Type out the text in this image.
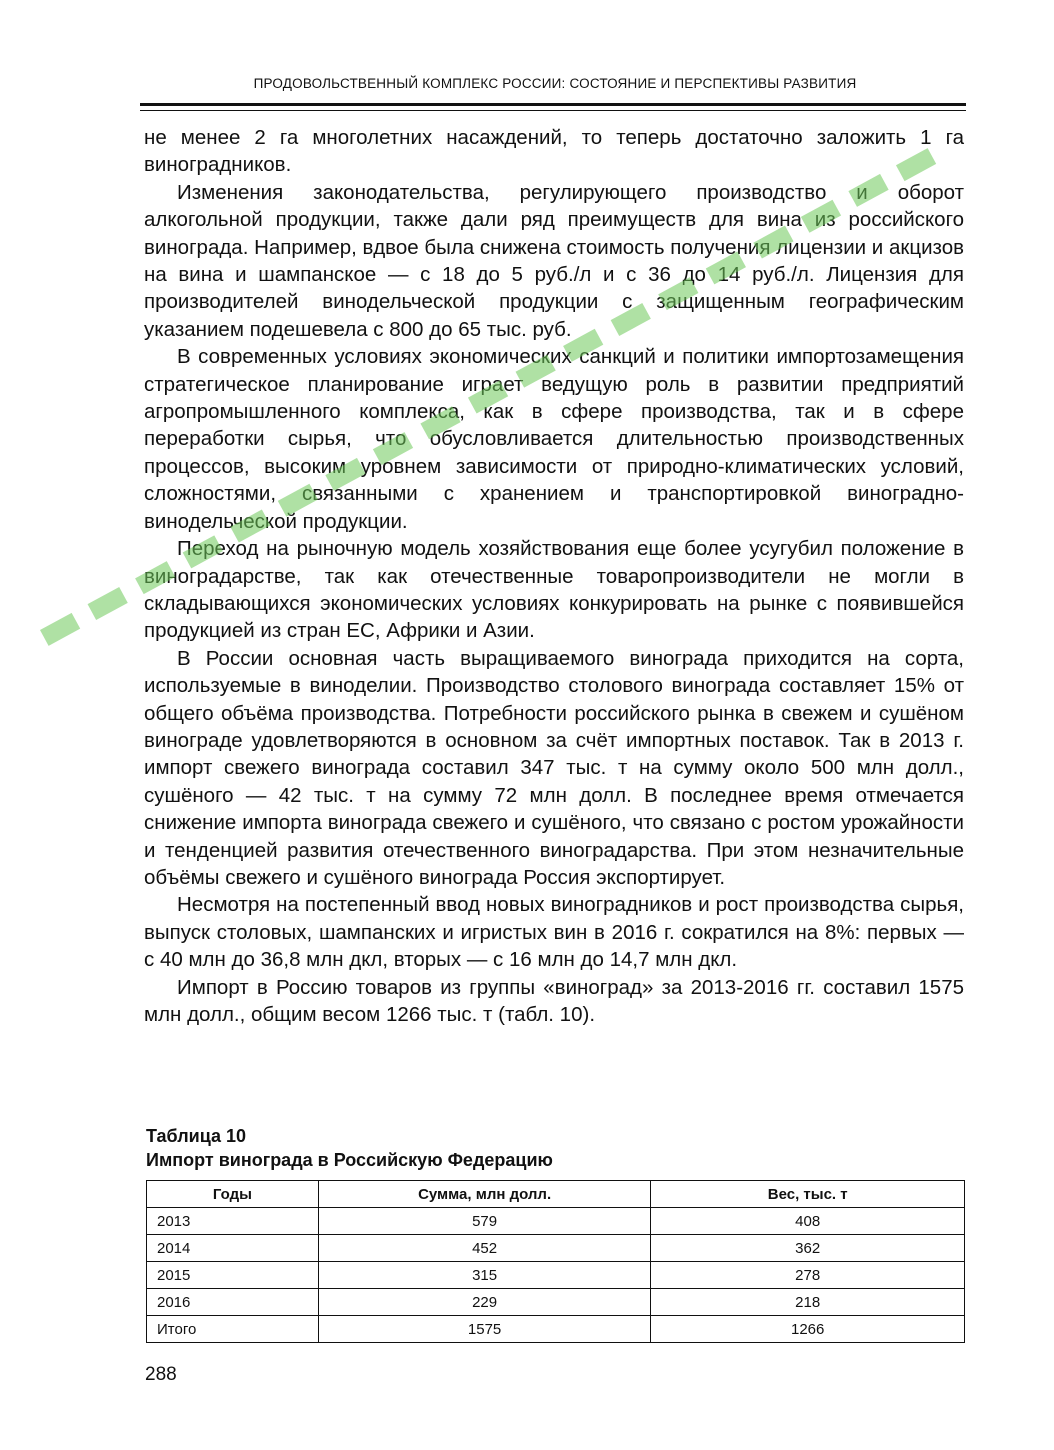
ПРОДОВОЛЬСТВЕННЫЙ КОМПЛЕКС РОССИИ: СОСТОЯНИЕ И ПЕРСПЕКТИВЫ РАЗВИТИЯ

не менее 2 га многолетних насаждений, то теперь достаточно заложить 1 га виноградников.

Изменения законодательства, регулирующего производство и оборот алкогольной продукции, также дали ряд преимуществ для вина из российского винограда. Например, вдвое была снижена стоимость получения лицензии и акцизов на вина и шампанское — с 18 до 5 руб./л и с 36 до 14 руб./л. Лицензия для производителей винодельческой продукции с защищенным географическим указанием подешевела с 800 до 65 тыс. руб.

В современных условиях экономических санкций и политики импортозамещения стратегическое планирование играет ведущую роль в развитии предприятий агропромышленного комплекса, как в сфере производства, так и в сфере переработки сырья, что обусловливается длительностью производственных процессов, высоким уровнем зависимости от природно-климатических условий, сложностями, связанными с хранением и транспортировкой виноградно-винодельческой продукции.

Переход на рыночную модель хозяйствования еще более усугубил положение в виноградарстве, так как отечественные товаропроизводители не могли в складывающихся экономических условиях конкурировать на рынке с появившейся продукцией из стран ЕС, Африки и Азии.

В России основная часть выращиваемого винограда приходится на сорта, используемые в виноделии. Производство столового винограда составляет 15% от общего объёма производства. Потребности российского рынка в свежем и сушёном винограде удовлетворяются в основном за счёт импортных поставок. Так в 2013 г. импорт свежего винограда составил 347 тыс. т на сумму около 500 млн долл., сушёного — 42 тыс. т на сумму 72 млн долл. В последнее время отмечается снижение импорта винограда свежего и сушёного, что связано с ростом урожайности и тенденцией развития отечественного виноградарства. При этом незначительные объёмы свежего и сушёного винограда Россия экспортирует.

Несмотря на постепенный ввод новых виноградников и рост производства сырья, выпуск столовых, шампанских и игристых вин в 2016 г. сократился на 8%: первых — с 40 млн до 36,8 млн дкл, вторых — с 16 млн до 14,7 млн дкл.

Импорт в Россию товаров из группы «виноград» за 2013-2016 гг. составил 1575 млн долл., общим весом 1266 тыс. т (табл. 10).

Таблица 10
Импорт винограда в Российскую Федерацию
Годы	Сумма, млн долл.	Вес, тыс. т
2013	579	408
2014	452	362
2015	315	278
2016	229	218
Итого	1575	1266
288
